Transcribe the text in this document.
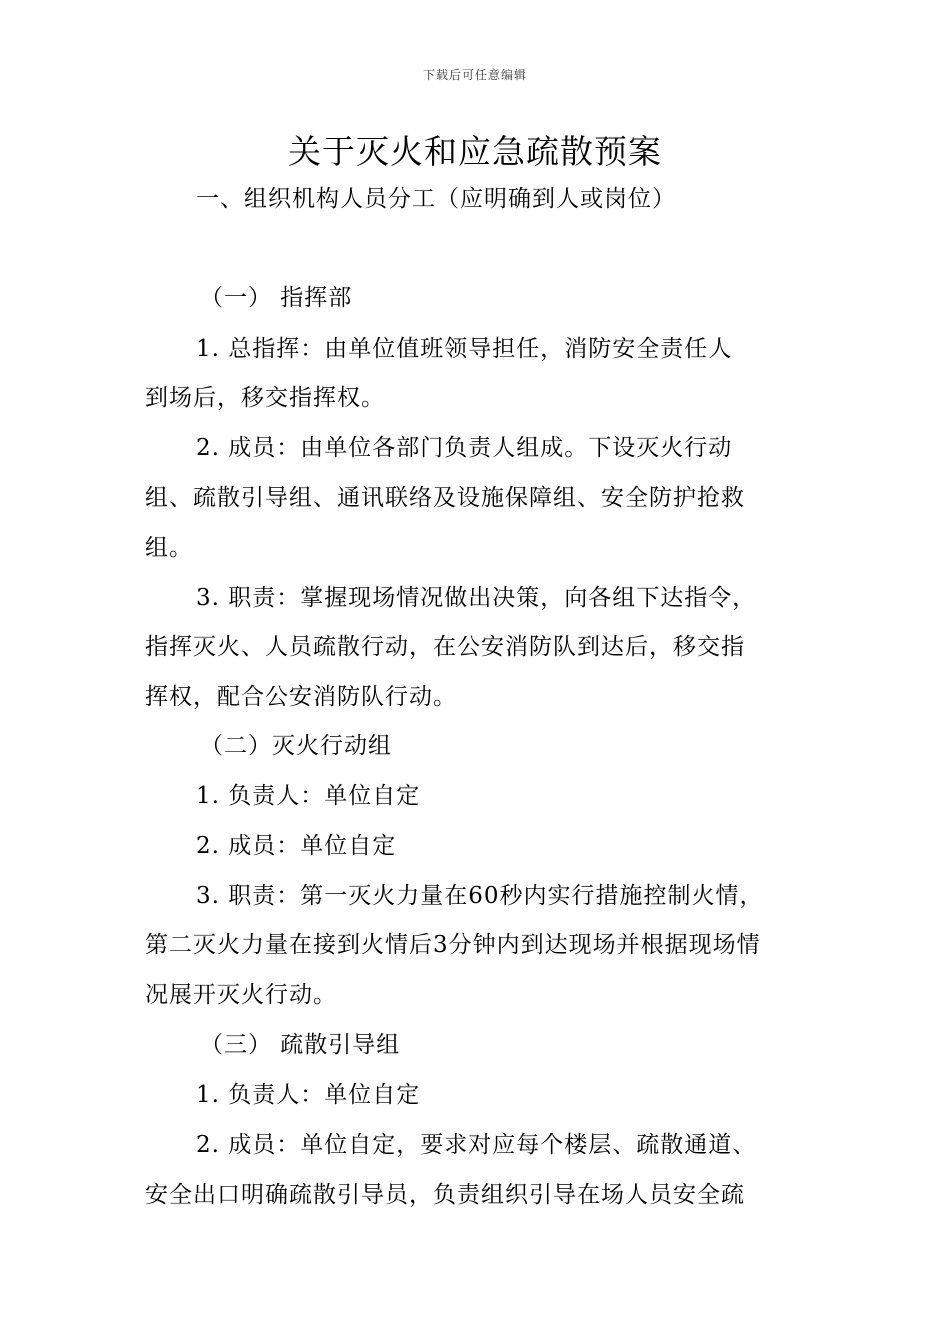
下载后可任意编辑
关于灭火和应急疏散预案
一、组织机构人员分工（应明确到人或岗位）
（一） 指挥部
1. 总指挥：由单位值班领导担任，消防安全责任人
到场后，移交指挥权。
2. 成员：由单位各部门负责人组成。下设灭火行动
组、疏散引导组、通讯联络及设施保障组、安全防护抢救
组。
3. 职责：掌握现场情况做出决策，向各组下达指令，
指挥灭火、人员疏散行动，在公安消防队到达后，移交指
挥权，配合公安消防队行动。
（二）灭火行动组
1. 负责人：单位自定
2. 成员：单位自定
3. 职责：第一灭火力量在60秒内实行措施控制火情，
第二灭火力量在接到火情后3分钟内到达现场并根据现场情
况展开灭火行动。
（三） 疏散引导组
1. 负责人：单位自定
2. 成员：单位自定，要求对应每个楼层、疏散通道、
安全出口明确疏散引导员，负责组织引导在场人员安全疏
